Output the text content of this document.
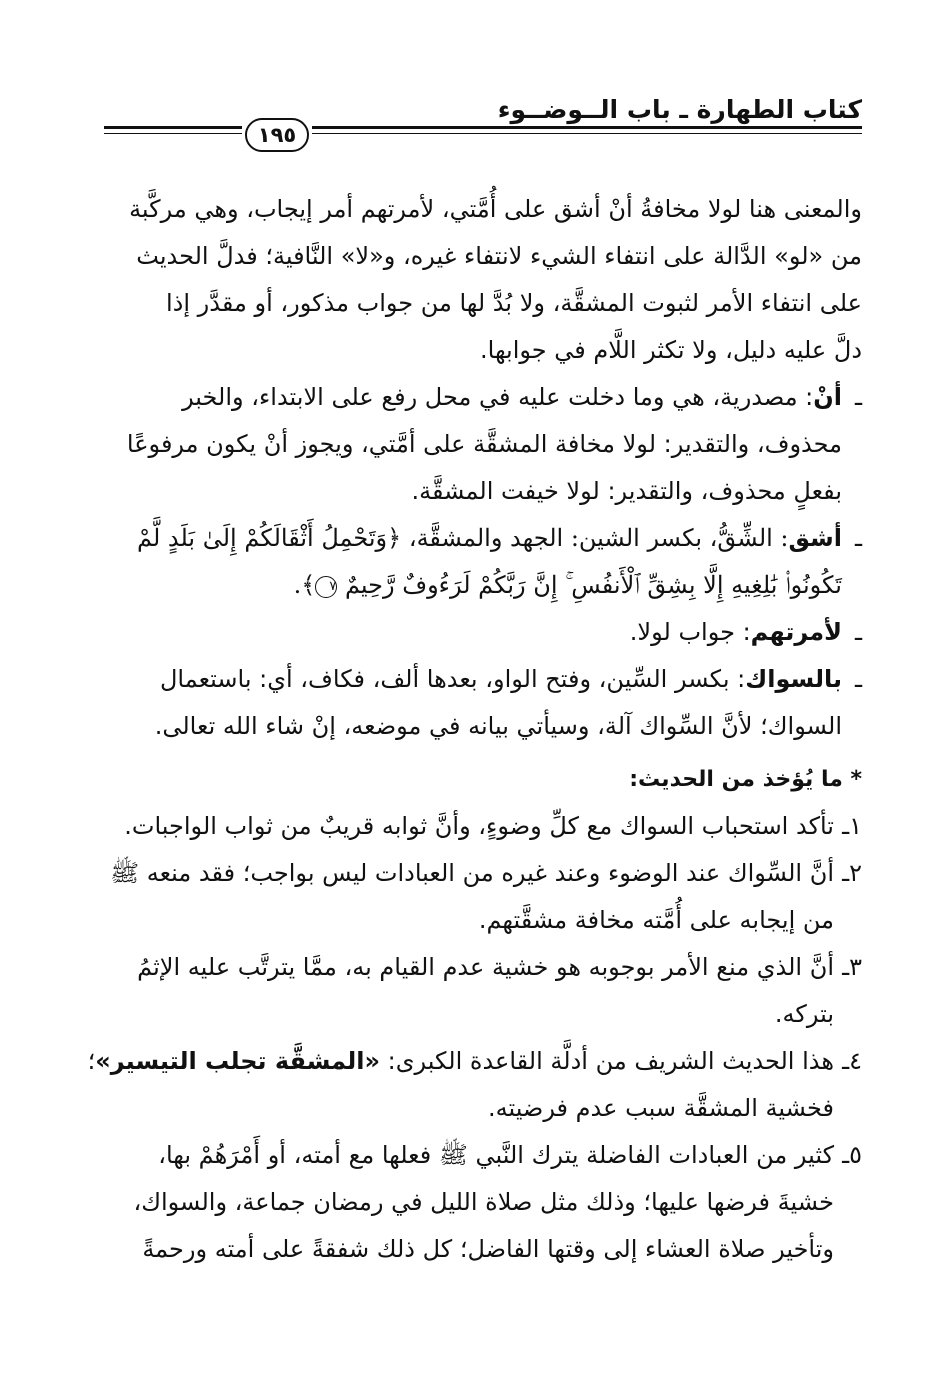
كتاب الطهارة ـ باب الــوضــوء
١٩٥

والمعنى هنا لولا مخافةُ أنْ أشق على أُمَّتي، لأمرتهم أمر إيجاب، وهي مركَّبة

من «لو» الدَّالة على انتفاء الشيء لانتفاء غيره، و«لا» النَّافية؛ فدلَّ الحديث

على انتفاء الأمر لثبوت المشقَّة، ولا بُدَّ لها من جواب مذكور، أو مقدَّر إذا

دلَّ عليه دليل، ولا تكثر اللَّام في جوابها.

ـ

أنْ: مصدرية، هي وما دخلت عليه في محل رفع على الابتداء، والخبر

محذوف، والتقدير: لولا مخافة المشقَّة على أمَّتي، ويجوز أنْ يكون مرفوعًا

بفعلٍ محذوف، والتقدير: لولا خيفت المشقَّة.

ـ

أشق: الشِّقُّ، بكسر الشين: الجهد والمشقَّة، ﴿وَتَحْمِلُ أَثْقَالَكُمْ إِلَىٰ بَلَدٍ لَّمْ

تَكُونُوا۟ بَٰلِغِيهِ إِلَّا بِشِقِّ ٱلْأَنفُسِ ۚ إِنَّ رَبَّكُمْ لَرَءُوفٌ رَّحِيمٌ ٧﴾.

ـ

لأمرتهم: جواب لولا.

ـ

بالسواك: بكسر السِّين، وفتح الواو، بعدها ألف، فكاف، أي: باستعمال

السواك؛ لأنَّ السِّواك آلة، وسيأتي بيانه في موضعه، إنْ شاء الله تعالى.

* ما يُؤخذ من الحديث:

١ـ

تأكد استحباب السواك مع كلِّ وضوءٍ، وأنَّ ثوابه قريبٌ من ثواب الواجبات.

٢ـ

أنَّ السِّواك عند الوضوء وعند غيره من العبادات ليس بواجب؛ فقد منعه ﷺ

من إيجابه على أُمَّته مخافة مشقَّتهم.

٣ـ

أنَّ الذي منع الأمر بوجوبه هو خشية عدم القيام به، ممَّا يترتَّب عليه الإثمُ

بتركه.

٤ـ

هذا الحديث الشريف من أدلَّة القاعدة الكبرى: «المشقَّة تجلب التيسير»؛

فخشية المشقَّة سبب عدم فرضيته.

٥ـ

كثير من العبادات الفاضلة يترك النَّبي ﷺ فعلها مع أمته، أو أَمْرَهُمْ بها،

خشيةَ فرضها عليها؛ وذلك مثل صلاة الليل في رمضان جماعة، والسواك،

وتأخير صلاة العشاء إلى وقتها الفاضل؛ كل ذلك شفقةً على أمته ورحمةً
